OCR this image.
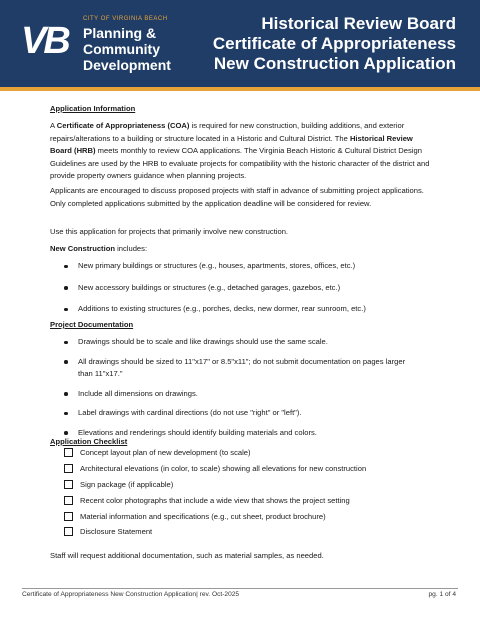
VB
CITY OF VIRGINIA BEACH
Planning &
Community
Development
Historical Review Board
Certificate of Appropriateness
New Construction Application
Application Information

A Certificate of Appropriateness (COA) is required for new construction, building additions, and exterior repairs/alterations to a building or structure located in a Historic and Cultural District. The Historical Review Board (HRB) meets monthly to review COA applications. The Virginia Beach Historic & Cultural District Design Guidelines are used by the HRB to evaluate projects for compatibility with the historic character of the district and provide property owners guidance when planning projects.

Applicants are encouraged to discuss proposed projects with staff in advance of submitting project applications. Only completed applications submitted by the application deadline will be considered for review.

Use this application for projects that primarily involve new construction.

New Construction includes:

New primary buildings or structures (e.g., houses, apartments, stores, offices, etc.)
New accessory buildings or structures (e.g., detached garages, gazebos, etc.)
Additions to existing structures (e.g., porches, decks, new dormer, rear sunroom, etc.)
Project Documentation
Drawings should be to scale and like drawings should use the same scale.
All drawings should be sized to 11"x17" or 8.5"x11"; do not submit documentation on pages larger than 11"x17."
Include all dimensions on drawings.
Label drawings with cardinal directions (do not use "right" or "left").
Elevations and renderings should identify building materials and colors.
Application Checklist
Concept layout plan of new development (to scale)
Architectural elevations (in color, to scale) showing all elevations for new construction
Sign package (if applicable)
Recent color photographs that include a wide view that shows the project setting
Material information and specifications (e.g., cut sheet, product brochure)
Disclosure Statement

Staff will request additional documentation, such as material samples, as needed.

Certificate of Appropriateness New Construction Application| rev. Oct-2025	pg. 1 of 4
